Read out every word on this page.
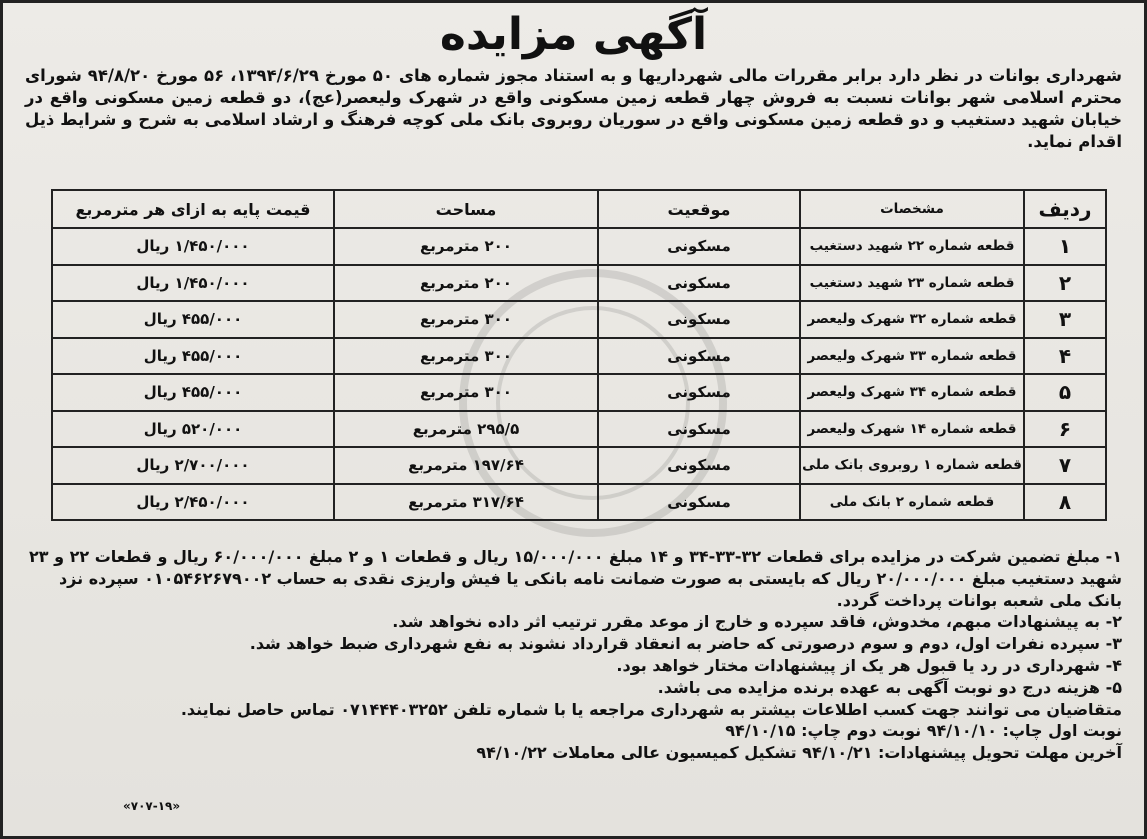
آگهی مزایده
شهرداری بوانات در نظر دارد برابر مقررات مالی شهرداریها و به استناد مجوز شماره های ۵۰ مورخ ۱۳۹۴/۶/۲۹، ۵۶ مورخ ۹۴/۸/۲۰ شورای محترم اسلامی شهر بوانات نسبت به فروش چهار قطعه زمین مسکونی واقع در شهرک ولیعصر(عج)، دو قطعه زمین مسکونی واقع در خیابان شهید دستغیب و دو قطعه زمین مسکونی واقع در سوریان روبروی بانک ملی کوچه فرهنگ و ارشاد اسلامی به شرح و شرایط ذیل اقدام نماید.
ردیف	مشخصات	موقعیت	مساحت	قیمت پایه به ازای هر مترمربع
۱	قطعه شماره ۲۲ شهید دستغیب	مسکونی	۲۰۰ مترمربع	۱/۴۵۰/۰۰۰ ریال
۲	قطعه شماره ۲۳ شهید دستغیب	مسکونی	۲۰۰ مترمربع	۱/۴۵۰/۰۰۰ ریال
۳	قطعه شماره ۳۲ شهرک ولیعصر	مسکونی	۳۰۰ مترمربع	۴۵۵/۰۰۰ ریال
۴	قطعه شماره ۳۳ شهرک ولیعصر	مسکونی	۳۰۰ مترمربع	۴۵۵/۰۰۰ ریال
۵	قطعه شماره ۳۴ شهرک ولیعصر	مسکونی	۳۰۰ مترمربع	۴۵۵/۰۰۰ ریال
۶	قطعه شماره ۱۴ شهرک ولیعصر	مسکونی	۲۹۵/۵ مترمربع	۵۲۰/۰۰۰ ریال
۷	قطعه شماره ۱ روبروی بانک ملی	مسکونی	۱۹۷/۶۴ مترمربع	۲/۷۰۰/۰۰۰ ریال
۸	قطعه شماره ۲ بانک ملی	مسکونی	۳۱۷/۶۴ مترمربع	۲/۴۵۰/۰۰۰ ریال

۱- مبلغ تضمین شرکت در مزایده برای قطعات ۳۲-۳۳-۳۴ و ۱۴ مبلغ ۱۵/۰۰۰/۰۰۰ ریال و قطعات ۱ و ۲ مبلغ ۶۰/۰۰۰/۰۰۰ ریال و قطعات ۲۲ و ۲۳ شهید دستغیب مبلغ ۲۰/۰۰۰/۰۰۰ ریال که بایستی به صورت ضمانت نامه بانکی یا فیش واریزی نقدی به حساب ۰۱۰۵۴۶۲۶۷۹۰۰۲ سپرده نزد بانک ملی شعبه بوانات پرداخت گردد.

۲- به پیشنهادات مبهم، مخدوش، فاقد سپرده و خارج از موعد مقرر ترتیب اثر داده نخواهد شد.

۳- سپرده نفرات اول، دوم و سوم درصورتی که حاضر به انعقاد قرارداد نشوند به نفع شهرداری ضبط خواهد شد.

۴- شهرداری در رد یا قبول هر یک از پیشنهادات مختار خواهد بود.

۵- هزینه درج دو نوبت آگهی به عهده برنده مزایده می باشد.

متقاضیان می توانند جهت کسب اطلاعات بیشتر به شهرداری مراجعه یا با شماره تلفن ۰۷۱۴۴۴۰۳۲۵۲ تماس حاصل نمایند.

نوبت اول چاپ: ۹۴/۱۰/۱۰ نوبت دوم چاپ: ۹۴/۱۰/۱۵

آخرین مهلت تحویل پیشنهادات: ۹۴/۱۰/۲۱ تشکیل کمیسیون عالی معاملات ۹۴/۱۰/۲۲

«۷۰۷-۱۹»
